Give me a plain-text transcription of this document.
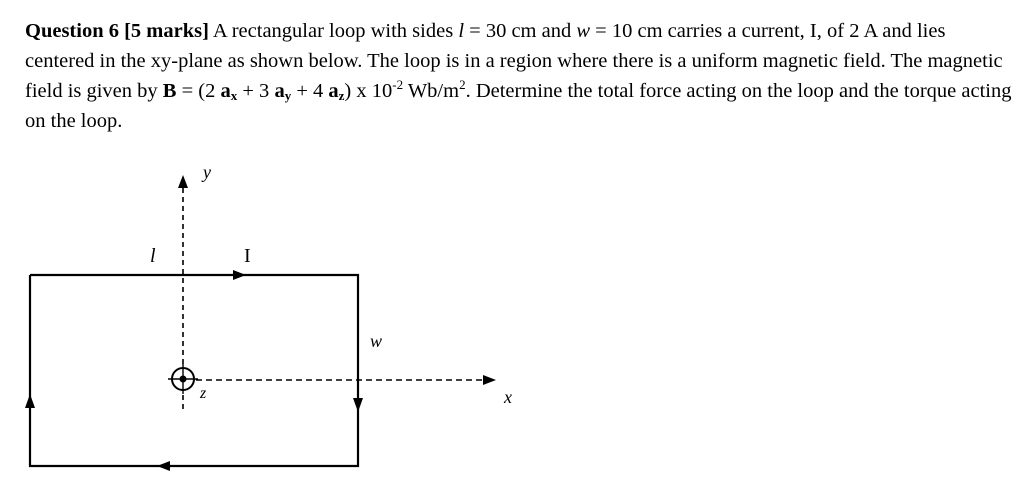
Question 6 [5 marks] A rectangular loop with sides l = 30 cm and w = 10 cm carries a current, I, of 2 A and lies centered in the xy-plane as shown below. The loop is in a region where there is a uniform magnetic field. The magnetic field is given by B = (2 $a_x + 3$ $a_y + 4$ $a_z$) x $10^{-2}$ $Wb/m^2$. Determine the total force acting on the loop and the torque acting on the loop.
l	I
w
y
x
z
